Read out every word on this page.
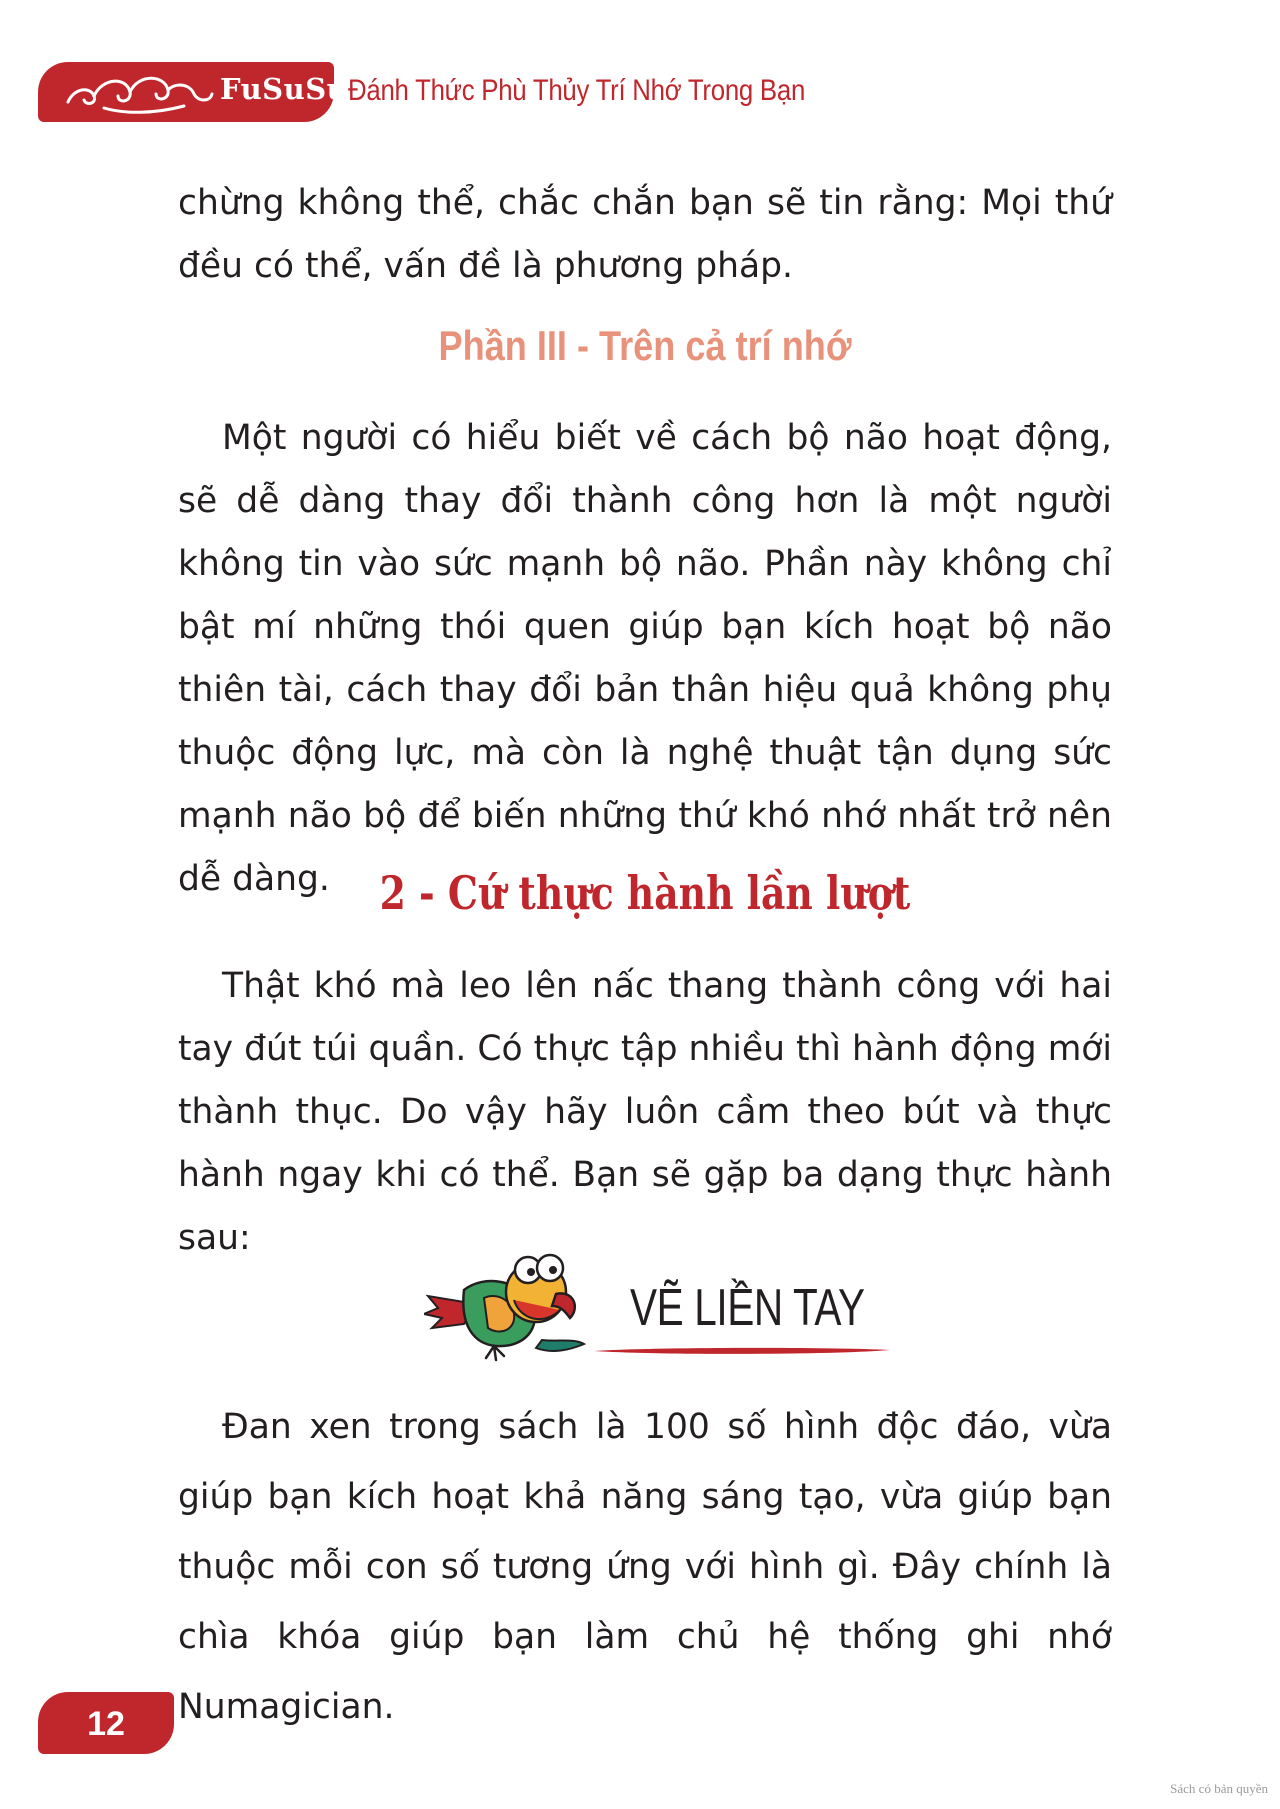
FuSuSu Đánh Thức Phù Thủy Trí Nhớ Trong Bạn

chừng không thể, chắc chắn bạn sẽ tin rằng: Mọi thứ đều có thể, vấn đề là phương pháp.

Phần III - Trên cả trí nhớ

Một người có hiểu biết về cách bộ não hoạt động, sẽ dễ dàng thay đổi thành công hơn là một người không tin vào sức mạnh bộ não. Phần này không chỉ bật mí những thói quen giúp bạn kích hoạt bộ não thiên tài, cách thay đổi bản thân hiệu quả không phụ thuộc động lực, mà còn là nghệ thuật tận dụng sức mạnh não bộ để biến những thứ khó nhớ nhất trở nên dễ dàng.	2 - Cứ thực hành lần lượt

Thật khó mà leo lên nấc thang thành công với hai tay đút túi quần. Có thực tập nhiều thì hành động mới thành thục. Do vậy hãy luôn cầm theo bút và thực hành ngay khi có thể. Bạn sẽ gặp ba dạng thực hành sau:

VẼ LIỀN TAY

Đan xen trong sách là 100 số hình độc đáo, vừa giúp bạn kích hoạt khả năng sáng tạo, vừa giúp bạn thuộc mỗi con số tương ứng với hình gì. Đây chính là chìa khóa giúp bạn làm chủ hệ thống ghi nhớ Numagician.

12
Sách có bản quyền
